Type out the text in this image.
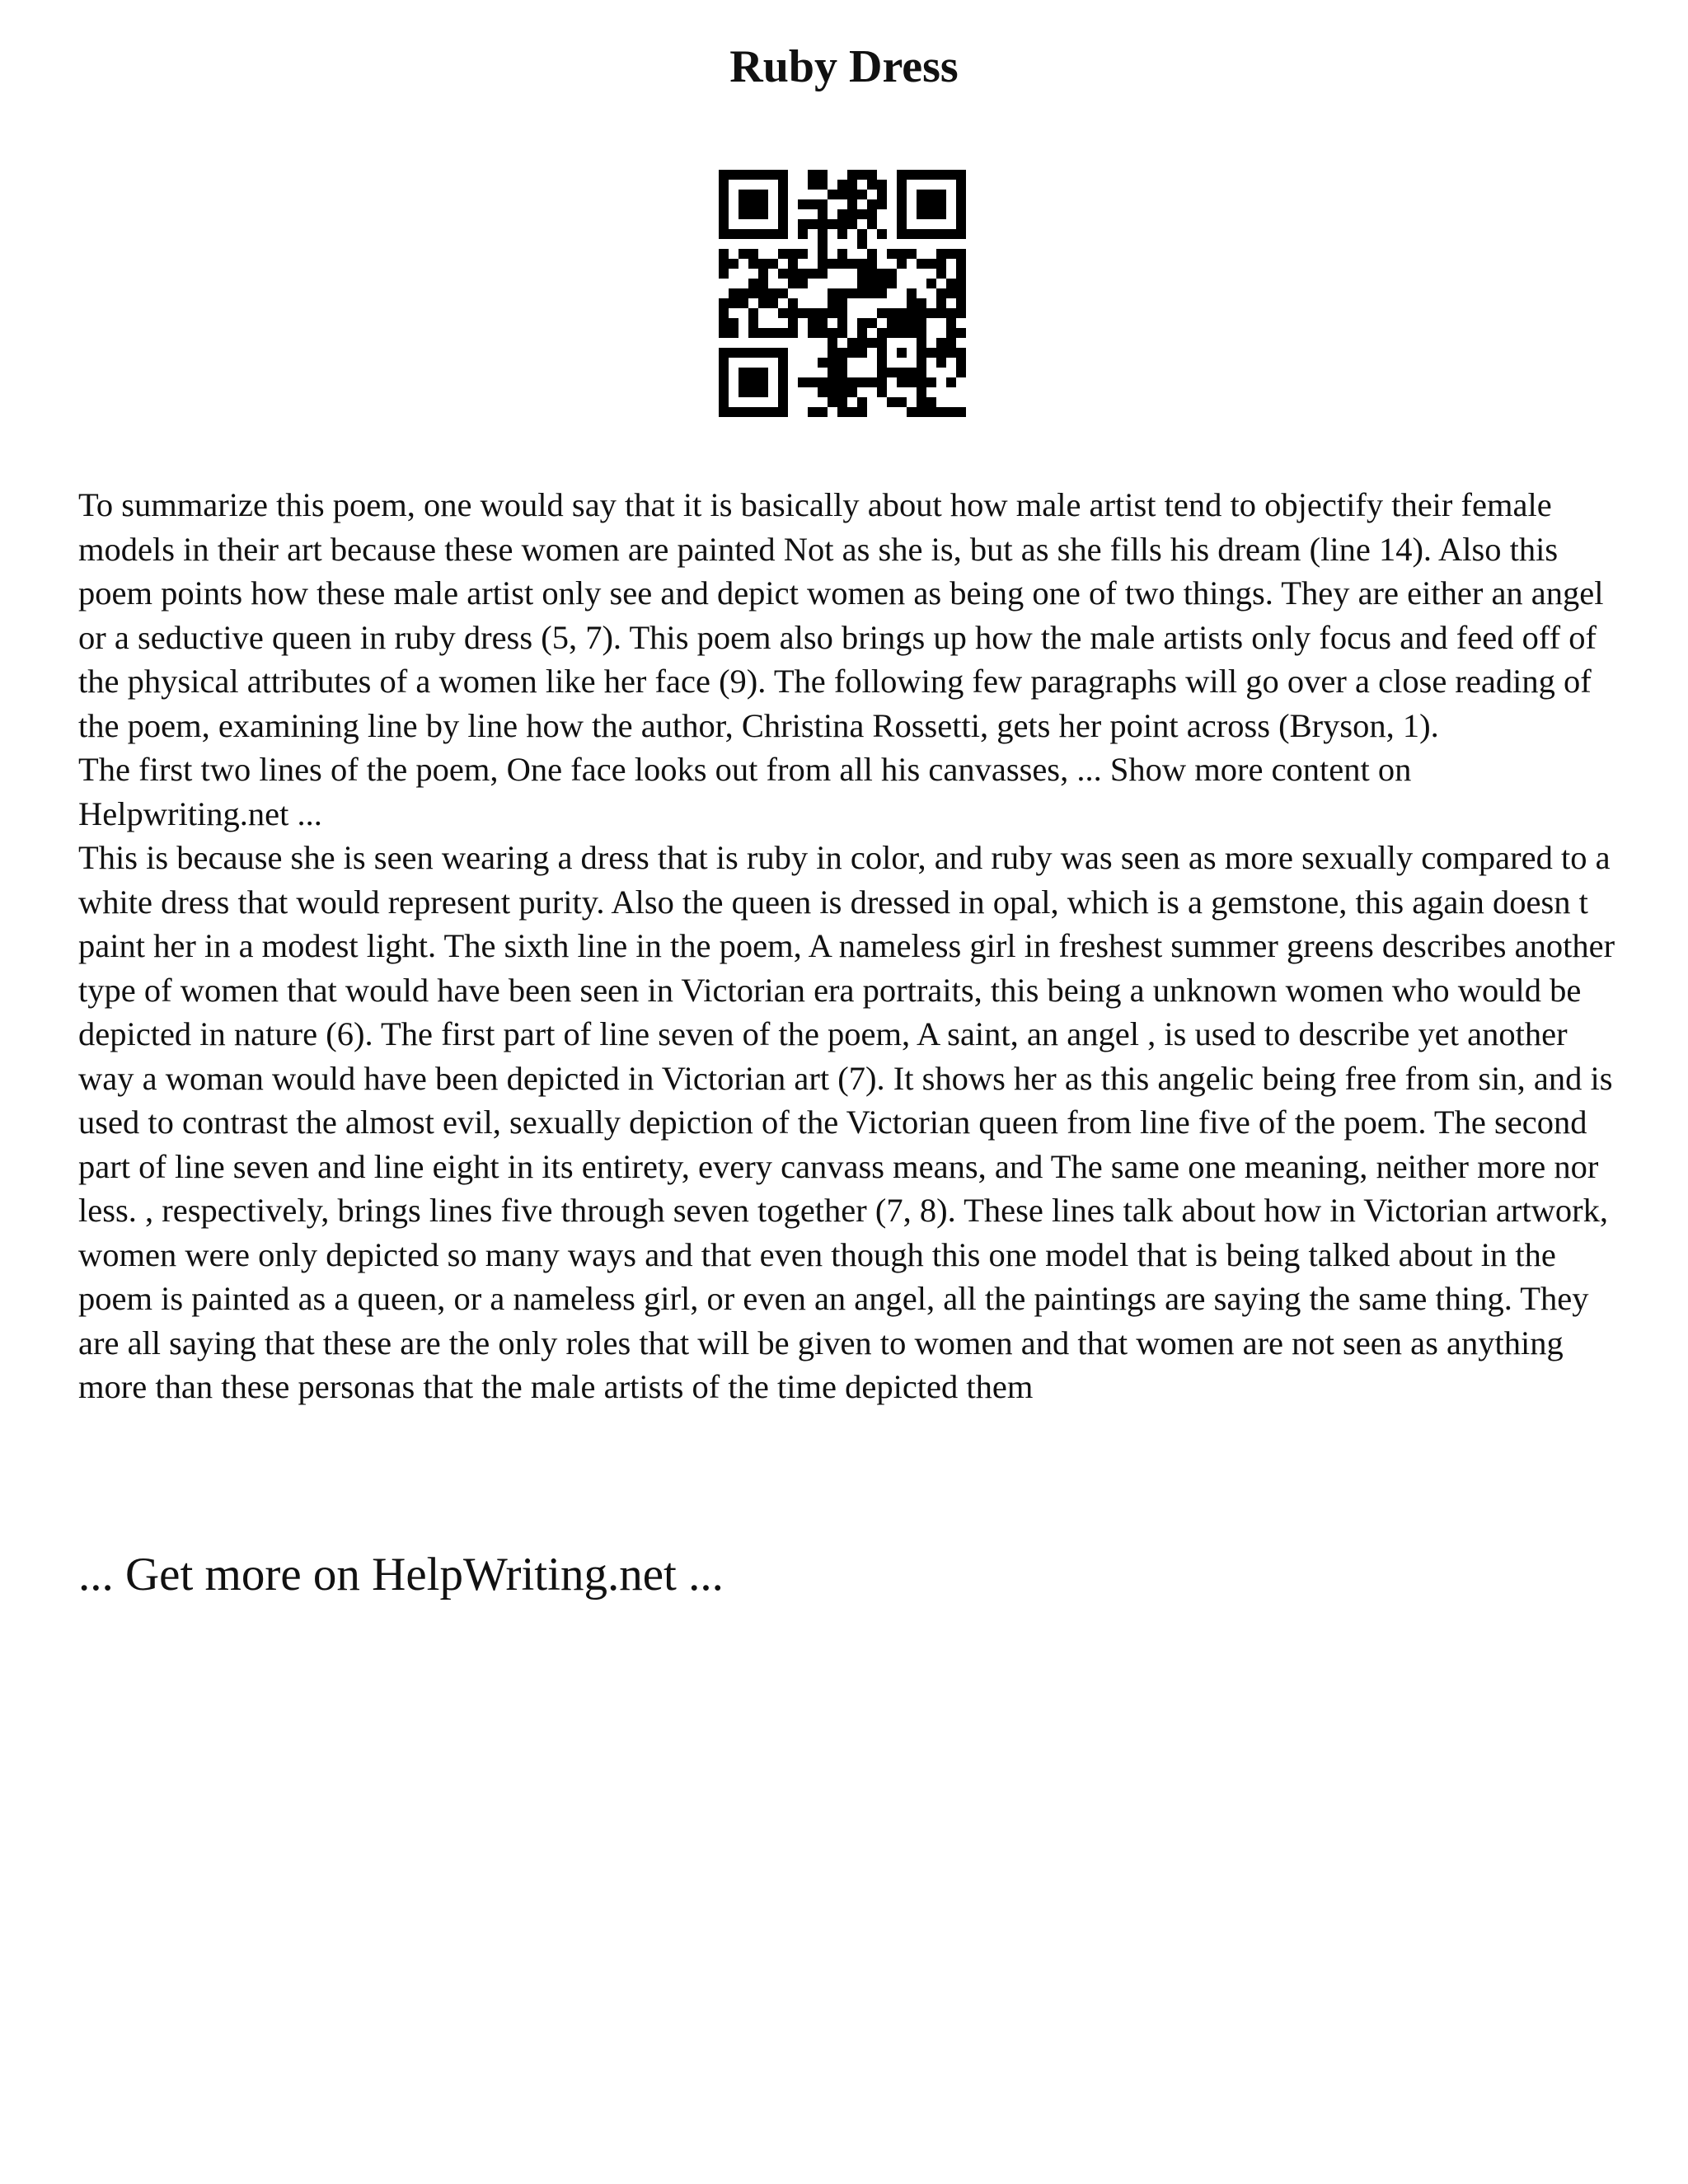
Ruby Dress

To summarize this poem, one would say that it is basically about how male artist tend to objectify their female models in their art because these women are painted Not as she is, but as she fills his dream (line 14). Also this poem points how these male artist only see and depict women as being one of two things. They are either an angel or a seductive queen in ruby dress (5, 7). This poem also brings up how the male artists only focus and feed off of the physical attributes of a women like her face (9). The following few paragraphs will go over a close reading of the poem, examining line by line how the author, Christina Rossetti, gets her point across (Bryson, 1).

The first two lines of the poem, One face looks out from all his canvasses, ... Show more content on Helpwriting.net ...

This is because she is seen wearing a dress that is ruby in color, and ruby was seen as more sexually compared to a white dress that would represent purity. Also the queen is dressed in opal, which is a gemstone, this again doesn t paint her in a modest light. The sixth line in the poem, A nameless girl in freshest summer greens describes another type of women that would have been seen in Victorian era portraits, this being a unknown women who would be depicted in nature (6). The first part of line seven of the poem, A saint, an angel , is used to describe yet another way a woman would have been depicted in Victorian art (7). It shows her as this angelic being free from sin, and is used to contrast the almost evil, sexually depiction of the Victorian queen from line five of the poem. The second part of line seven and line eight in its entirety, every canvass means, and The same one meaning, neither more nor less. , respectively, brings lines five through seven together (7, 8). These lines talk about how in Victorian artwork, women were only depicted so many ways and that even though this one model that is being talked about in the poem is painted as a queen, or a nameless girl, or even an angel, all the paintings are saying the same thing. They are all saying that these are the only roles that will be given to women and that women are not seen as anything more than these personas that the male artists of the time depicted them

... Get more on HelpWriting.net ...
